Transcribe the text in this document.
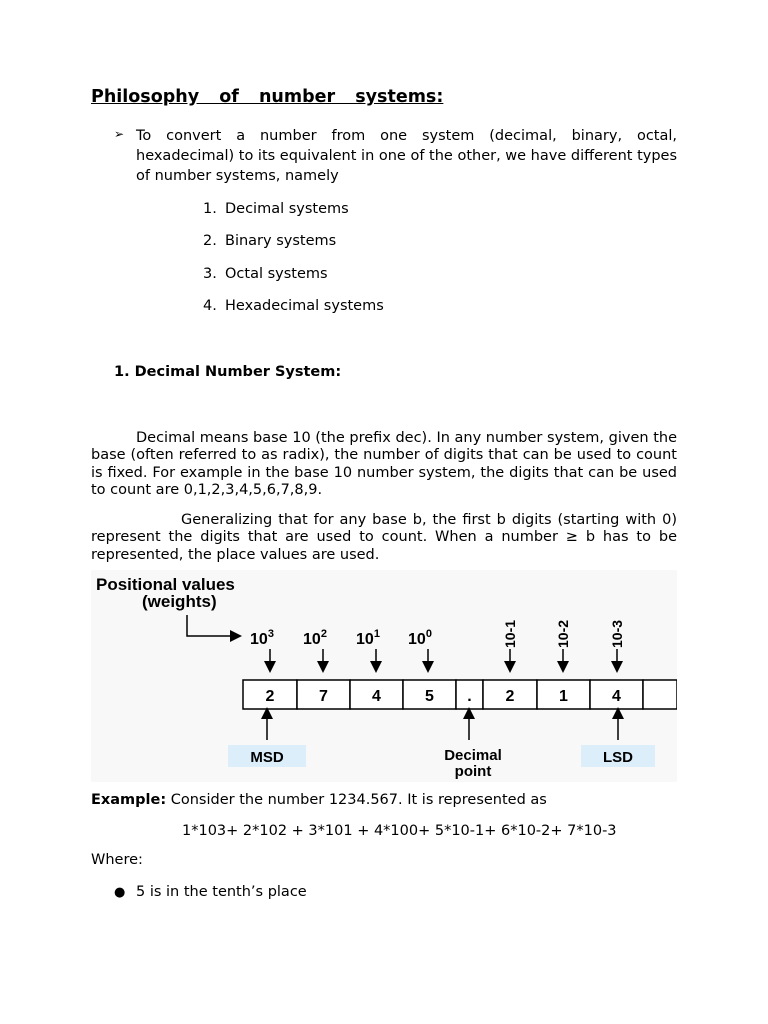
Philosophy of number systems:
➢ To convert a number from one system (decimal, binary, octal, hexadecimal) to its equivalent in one of the other, we have different types of number systems, namely
1. Decimal systems
2. Binary systems
3. Octal systems
4. Hexadecimal systems
1. Decimal Number System:
Decimal means base 10 (the prefix dec). In any number system, given the base (often referred to as radix), the number of digits that can be used to count is fixed. For example in the base 10 number system, the digits that can be used to count are 0,1,2,3,4,5,6,7,8,9.
Generalizing that for any base b, the first b digits (starting with 0) represent the digits that are used to count. When a number ≥ b has to be represented, the place values are used.
Positional values
(weights)
$10^3$ $10^2$ $10^1$ $10^0$	10-1	10-2	10-3
2	7	4	5 . 2	1	4
MSD	Decimal
point
LSD
Example: Consider the number 1234.567. It is represented as
1*103+ 2*102 + 3*101 + 4*100+ 5*10-1+ 6*10-2+ 7*10-3
Where:
● 5 is in the tenth’s place
